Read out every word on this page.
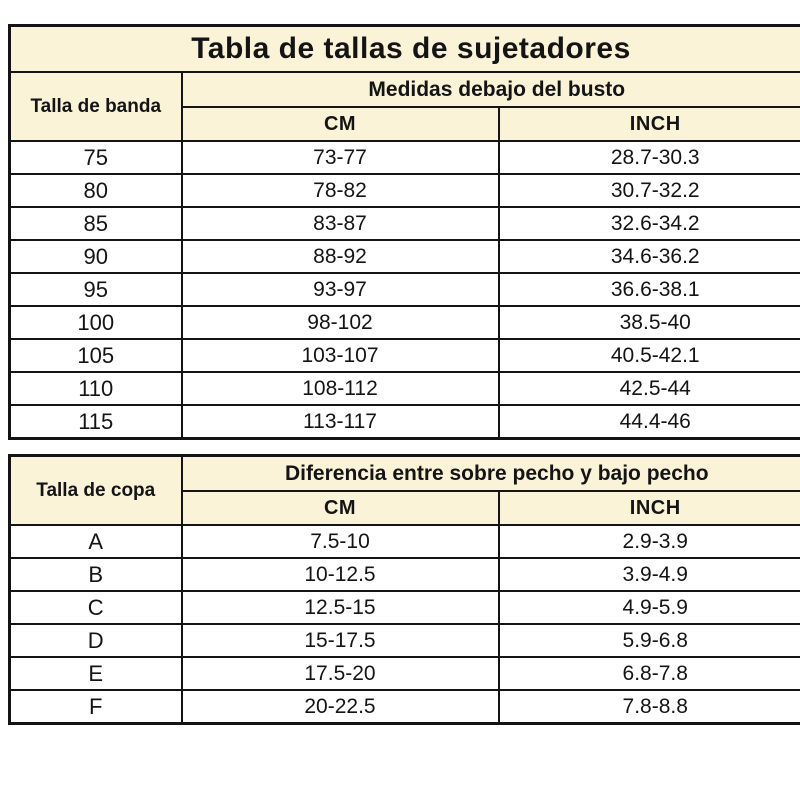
Tabla de tallas de sujetadores		
Talla de banda	Medidas debajo del busto	
	CM	INCH
75	73-77	28.7-30.3
80	78-82	30.7-32.2
85	83-87	32.6-34.2
90	88-92	34.6-36.2
95	93-97	36.6-38.1
100	98-102	38.5-40
105	103-107	40.5-42.1
110	108-112	42.5-44
115	113-117	44.4-46
Talla de copa	Diferencia entre sobre pecho y bajo pecho	
	CM	INCH
A	7.5-10	2.9-3.9
B	10-12.5	3.9-4.9
C	12.5-15	4.9-5.9
D	15-17.5	5.9-6.8
E	17.5-20	6.8-7.8
F	20-22.5	7.8-8.8
